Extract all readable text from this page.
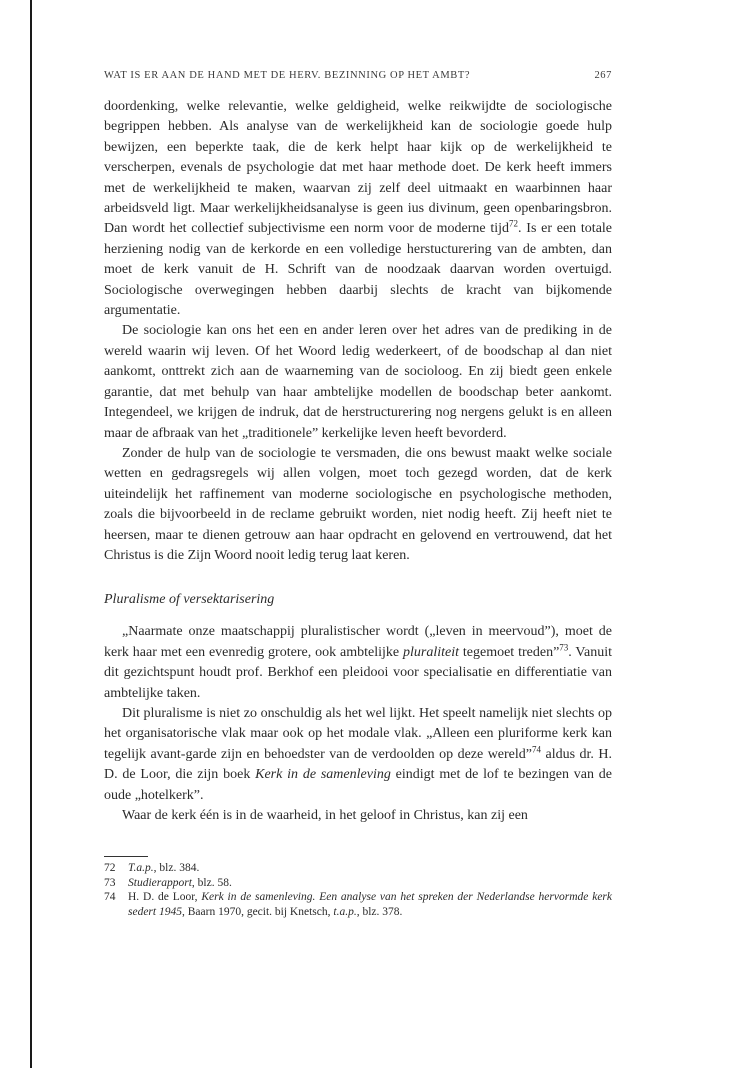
WAT IS ER AAN DE HAND MET DE HERV. BEZINNING OP HET AMBT?	267

doordenking, welke relevantie, welke geldigheid, welke reikwijdte de sociologische begrippen hebben. Als analyse van de werkelijkheid kan de sociologie goede hulp bewijzen, een beperkte taak, die de kerk helpt haar kijk op de werkelijkheid te verscherpen, evenals de psychologie dat met haar methode doet. De kerk heeft immers met de werkelijkheid te maken, waarvan zij zelf deel uitmaakt en waarbinnen haar arbeidsveld ligt. Maar werkelijkheidsanalyse is geen ius divinum, geen openbaringsbron. Dan wordt het collectief subjectivisme een norm voor de moderne tijd$^{72}$. Is er een totale herziening nodig van de kerkorde en een volledige herstucturering van de ambten, dan moet de kerk vanuit de H. Schrift van de noodzaak daarvan worden overtuigd. Sociologische overwegingen hebben daarbij slechts de kracht van bijkomende argumentatie.

De sociologie kan ons het een en ander leren over het adres van de prediking in de wereld waarin wij leven. Of het Woord ledig wederkeert, of de boodschap al dan niet aankomt, onttrekt zich aan de waarneming van de socioloog. En zij biedt geen enkele garantie, dat met behulp van haar ambtelijke modellen de boodschap beter aankomt. Integendeel, we krijgen de indruk, dat de herstructurering nog nergens gelukt is en alleen maar de afbraak van het „traditionele” kerkelijke leven heeft bevorderd.

Zonder de hulp van de sociologie te versmaden, die ons bewust maakt welke sociale wetten en gedragsregels wij allen volgen, moet toch gezegd worden, dat de kerk uiteindelijk het raffinement van moderne sociologische en psychologische methoden, zoals die bijvoorbeeld in de reclame gebruikt worden, niet nodig heeft. Zij heeft niet te heersen, maar te dienen getrouw aan haar opdracht en gelovend en vertrouwend, dat het Christus is die Zijn Woord nooit ledig terug laat keren.

Pluralisme of versektarisering

„Naarmate onze maatschappij pluralistischer wordt („leven in meervoud”), moet de kerk haar met een evenredig grotere, ook ambtelijke pluraliteit tegemoet treden”$^{73}$. Vanuit dit gezichtspunt houdt prof. Berkhof een pleidooi voor specialisatie en differentiatie van ambtelijke taken.

Dit pluralisme is niet zo onschuldig als het wel lijkt. Het speelt namelijk niet slechts op het organisatorische vlak maar ook op het modale vlak. „Alleen een pluriforme kerk kan tegelijk avant-garde zijn en behoedster van de verdoolden op deze wereld”$^{74}$ aldus dr. H. D. de Loor, die zijn boek Kerk in de samenleving eindigt met de lof te bezingen van de oude „hotelkerk”.

Waar de kerk één is in de waarheid, in het geloof in Christus, kan zij een

72	T.a.p., blz. 384.
73	Studierapport, blz. 58.
74	H. D. de Loor, Kerk in de samenleving. Een analyse van het spreken der Nederlandse hervormde kerk sedert 1945, Baarn 1970, gecit. bij Knetsch, t.a.p., blz. 378.
